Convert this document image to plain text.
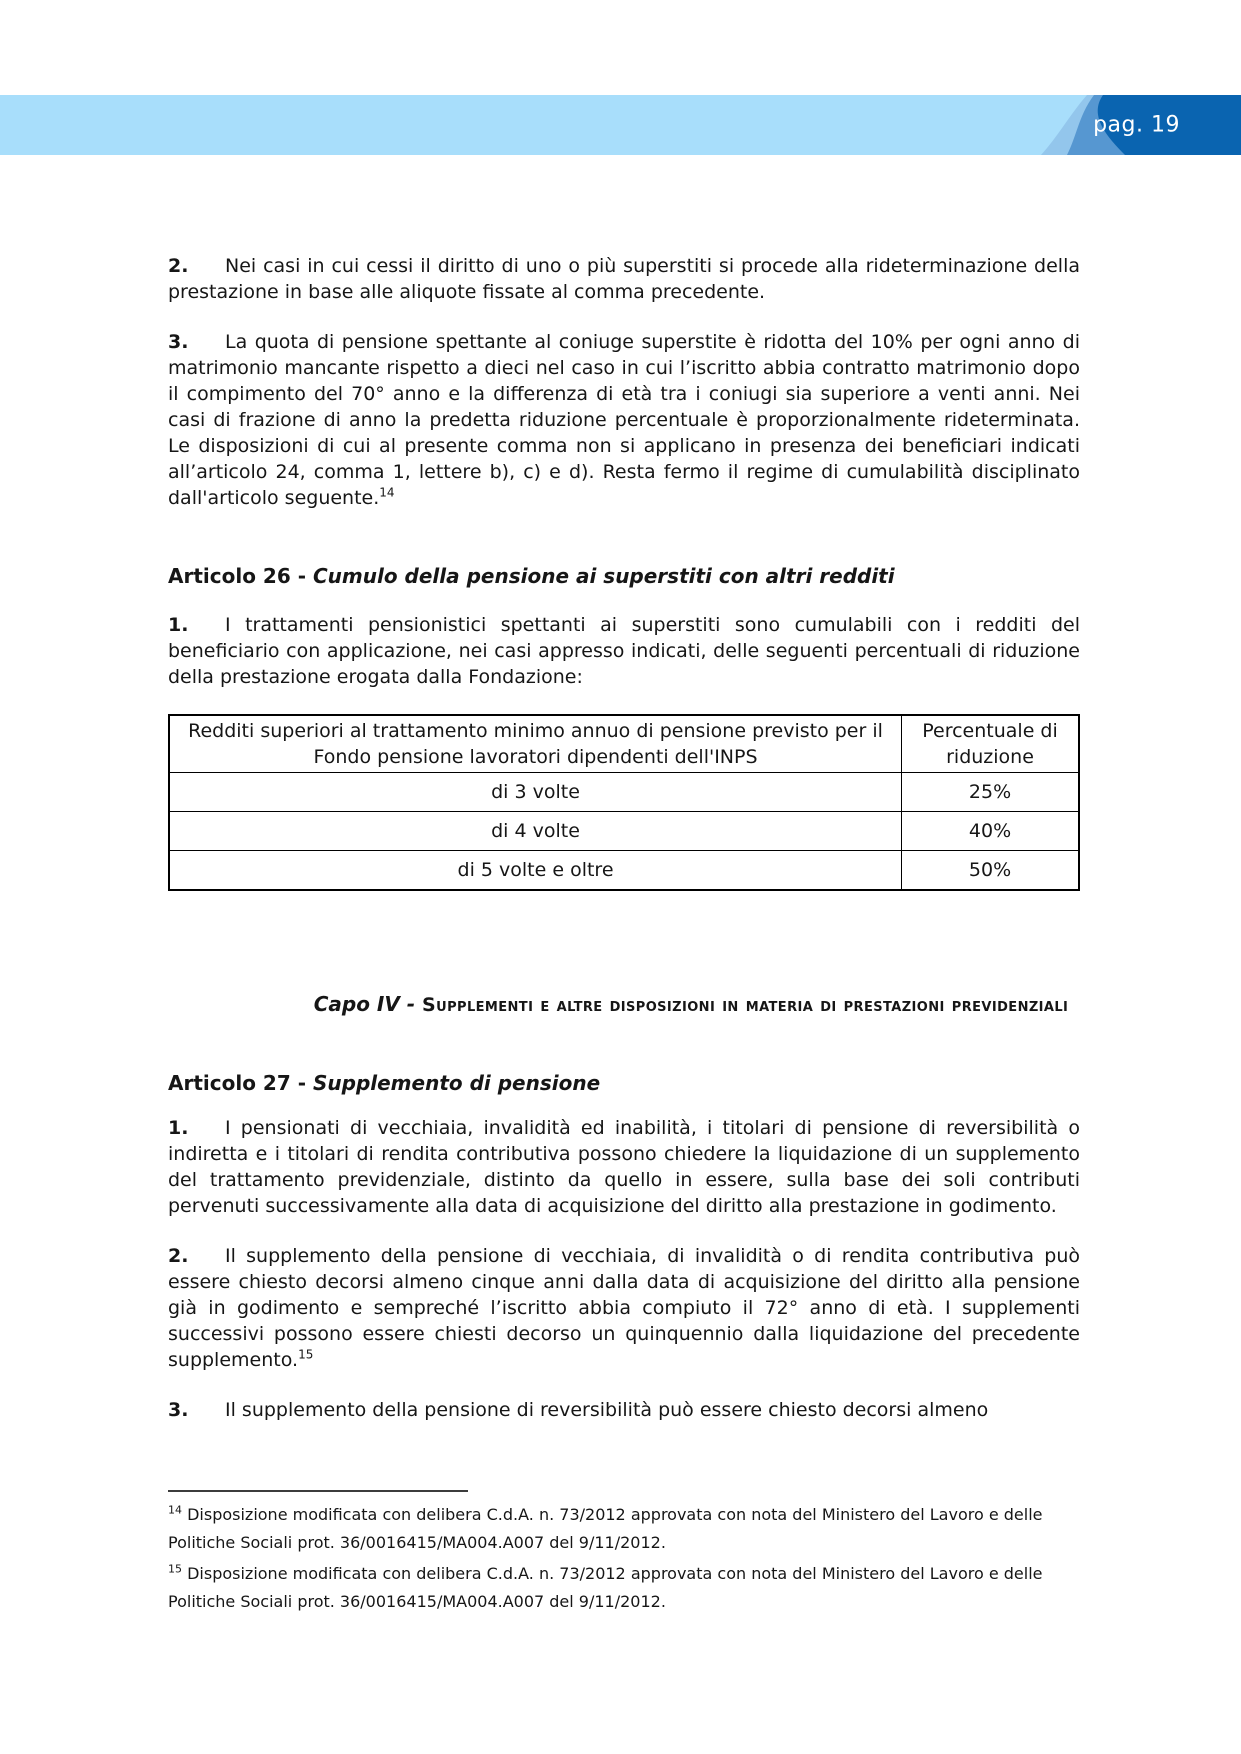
pag. 19

2. Nei casi in cui cessi il diritto di uno o più superstiti si procede alla rideterminazione della prestazione in base alle aliquote fissate al comma precedente.

3. La quota di pensione spettante al coniuge superstite è ridotta del 10% per ogni anno di matrimonio mancante rispetto a dieci nel caso in cui l’iscritto abbia contratto matrimonio dopo il compimento del 70° anno e la differenza di età tra i coniugi sia superiore a venti anni. Nei casi di frazione di anno la predetta riduzione percentuale è proporzionalmente rideterminata. Le disposizioni di cui al presente comma non si applicano in presenza dei beneficiari indicati all’articolo 24, comma 1, lettere b), c) e d). Resta fermo il regime di cumulabilità disciplinato dall'articolo seguente.$^{14}$

Articolo 26 - Cumulo della pensione ai superstiti con altri redditi

1. I trattamenti pensionistici spettanti ai superstiti sono cumulabili con i redditi del beneficiario con applicazione, nei casi appresso indicati, delle seguenti percentuali di riduzione della prestazione erogata dalla Fondazione:

Redditi superiori al trattamento minimo annuo di pensione previsto per il Fondo pensione lavoratori dipendenti dell'INPS	Percentuale di riduzione
di 3 volte	25%
di 4 volte	40%
di 5 volte e oltre	50%
Capo IV - Supplementi e altre disposizioni in materia di prestazioni previdenziali
Articolo 27 - Supplemento di pensione

1. I pensionati di vecchiaia, invalidità ed inabilità, i titolari di pensione di reversibilità o indiretta e i titolari di rendita contributiva possono chiedere la liquidazione di un supplemento del trattamento previdenziale, distinto da quello in essere, sulla base dei soli contributi pervenuti successivamente alla data di acquisizione del diritto alla prestazione in godimento.

2. Il supplemento della pensione di vecchiaia, di invalidità o di rendita contributiva può essere chiesto decorsi almeno cinque anni dalla data di acquisizione del diritto alla pensione già in godimento e sempreché l’iscritto abbia compiuto il 72° anno di età. I supplementi successivi possono essere chiesti decorso un quinquennio dalla liquidazione del precedente supplemento.$^{15}$

3. Il supplemento della pensione di reversibilità può essere chiesto decorsi almeno

$^{14}$ Disposizione modificata con delibera C.d.A. n. 73/2012 approvata con nota del Ministero del Lavoro e delle Politiche Sociali prot. 36/0016415/MA004.A007 del 9/11/2012.

$^{15}$ Disposizione modificata con delibera C.d.A. n. 73/2012 approvata con nota del Ministero del Lavoro e delle Politiche Sociali prot. 36/0016415/MA004.A007 del 9/11/2012.
